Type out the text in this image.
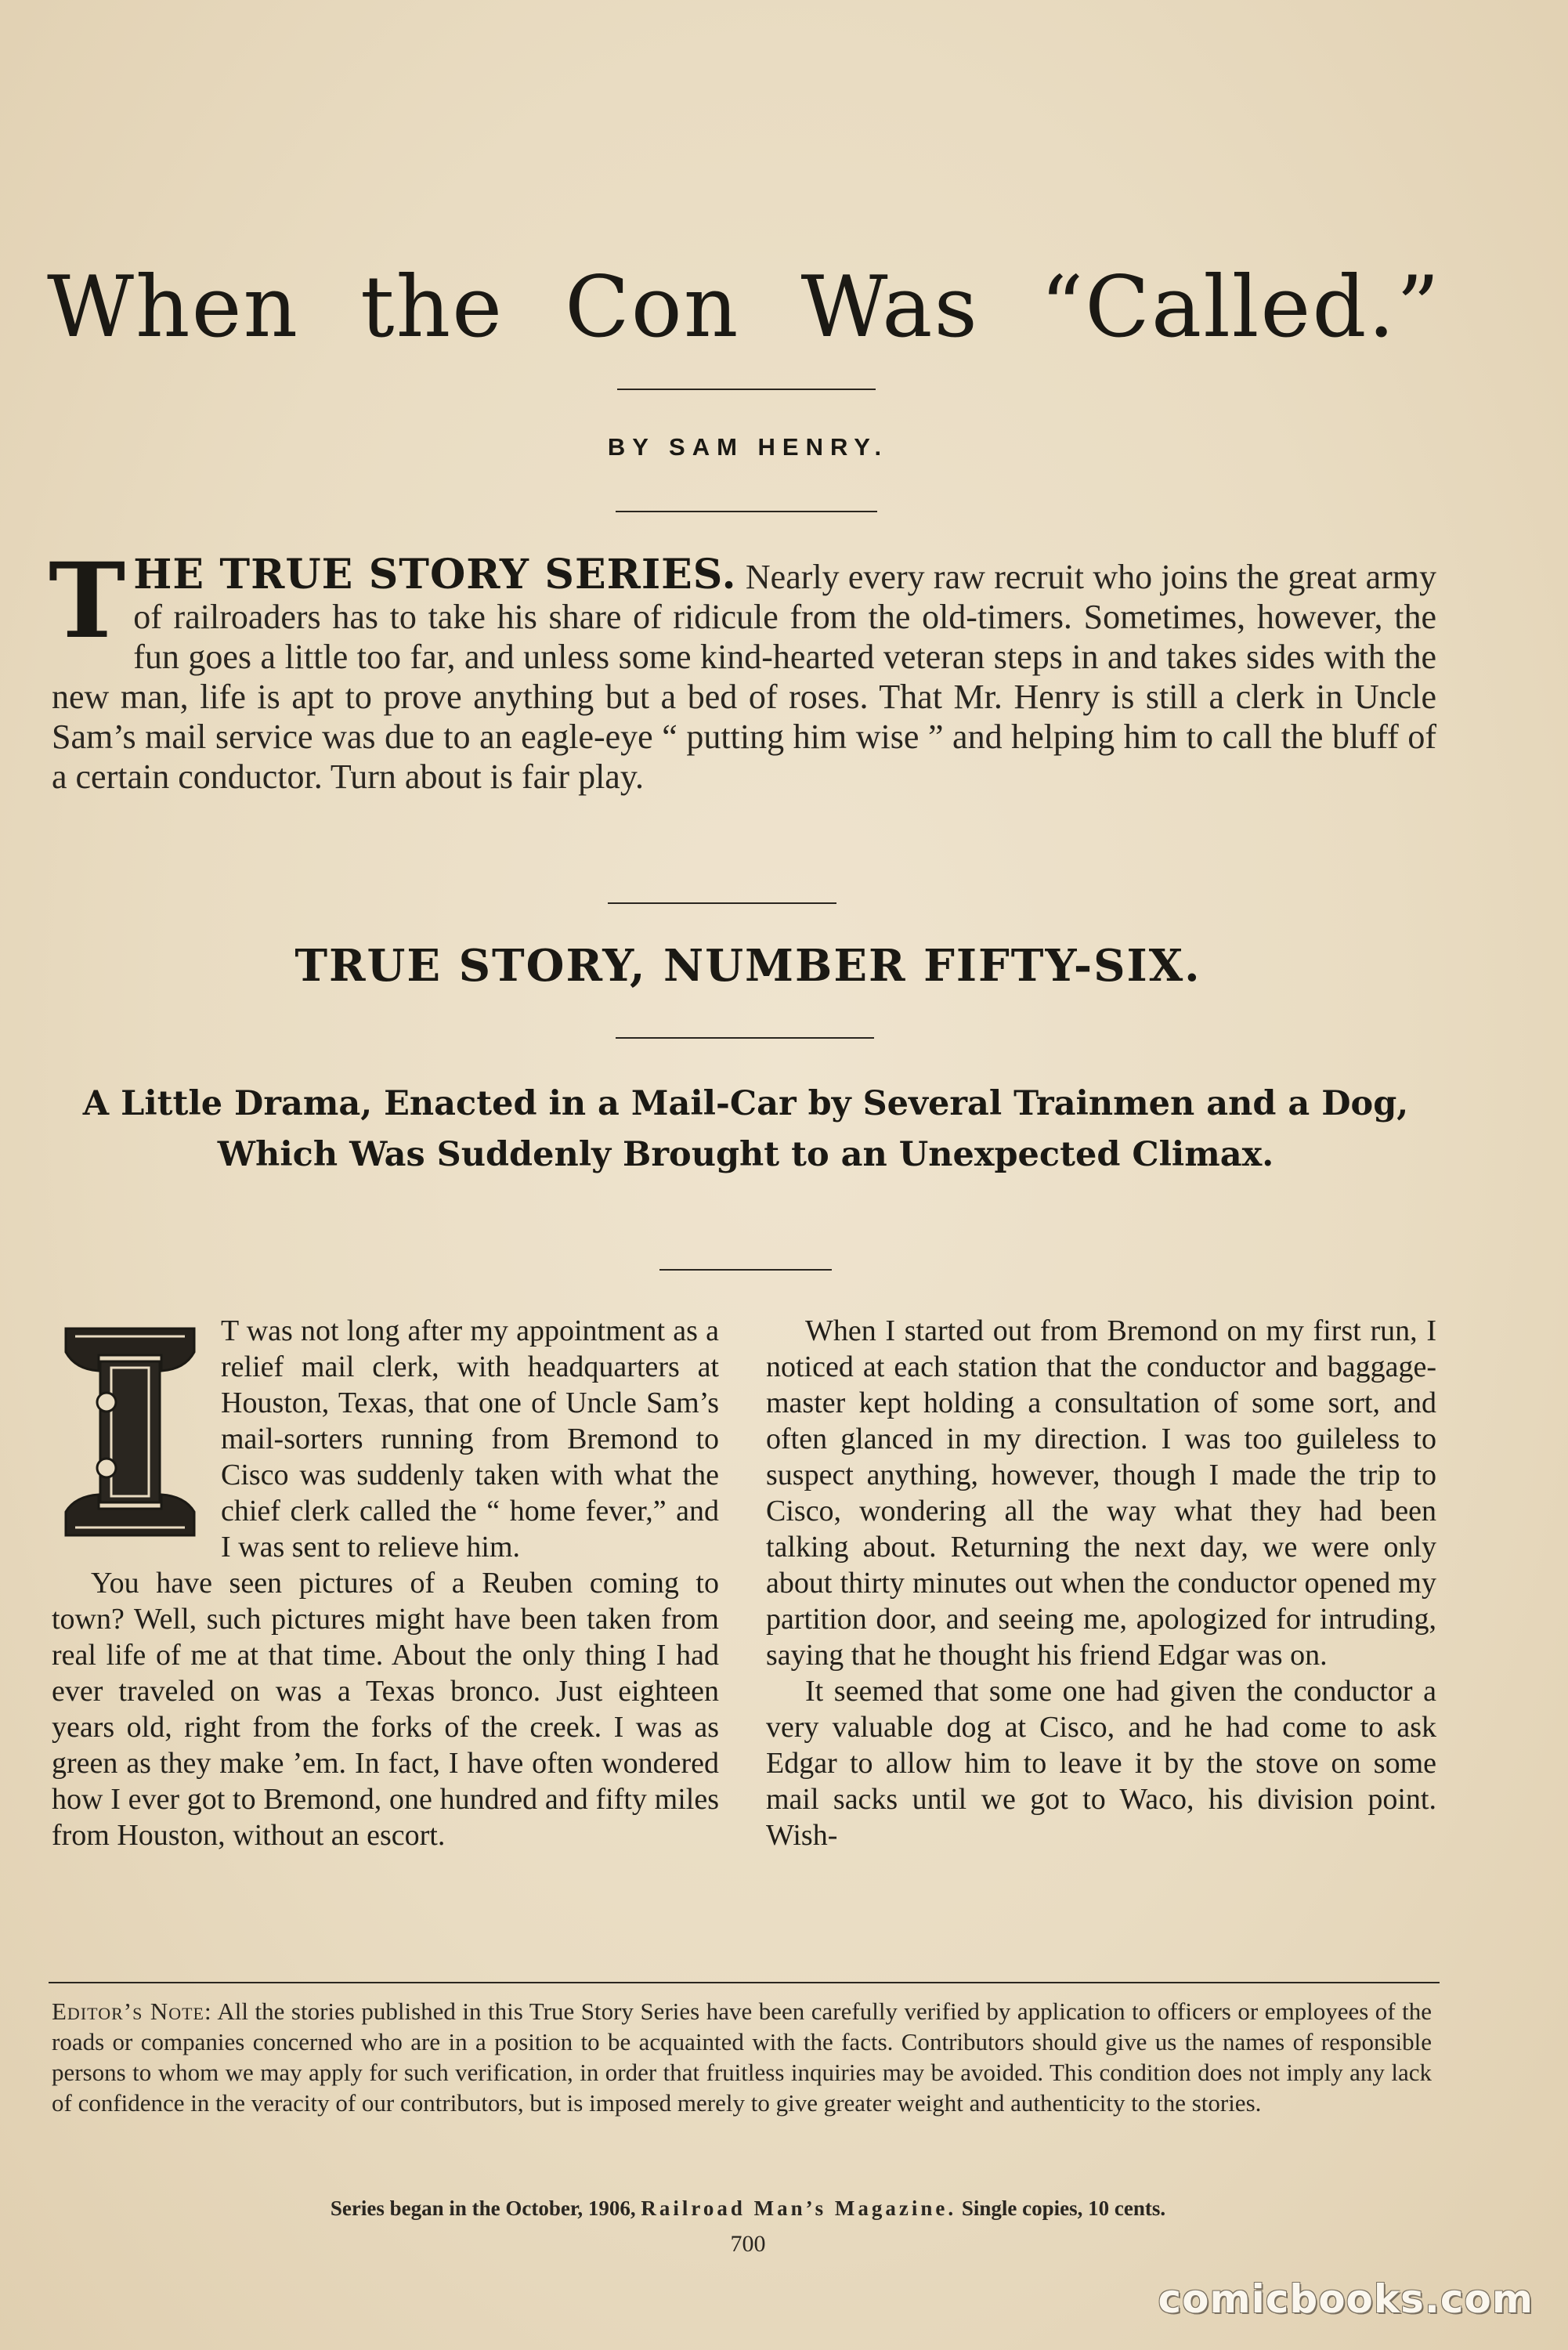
When the Con Was “Called.”
BY SAM HENRY.
T HE TRUE STORY SERIES. Nearly every raw recruit who joins the great army of railroaders has to take his share of ridicule from the old-timers. Sometimes, however, the fun goes a little too far, and unless some kind-hearted veteran steps in and takes sides with the new man, life is apt to prove anything but a bed of roses. That Mr. Henry is still a clerk in Uncle Sam’s mail service was due to an eagle-eye “ putting him wise ” and helping him to call the bluff of a certain conductor. Turn about is fair play.
TRUE STORY, NUMBER FIFTY-SIX.
A Little Drama, Enacted in a Mail-Car by Several Trainmen and a Dog, Which Was Suddenly Brought to an Unexpected Climax.

T was not long after my appointment as a relief mail clerk, with headquarters at Houston, Texas, that one of Uncle Sam’s mail-sorters running from Bremond to Cisco was suddenly taken with what the chief clerk called the “ home fever,” and I was sent to relieve him.

You have seen pictures of a Reuben coming to town? Well, such pictures might have been taken from real life of me at that time. About the only thing I had ever traveled on was a Texas bronco. Just eighteen years old, right from the forks of the creek. I was as green as they make ’em. In fact, I have often wondered how I ever got to Bremond, one hundred and fifty miles from Houston, without an escort.

When I started out from Bremond on my first run, I noticed at each station that the conductor and baggage-master kept holding a consultation of some sort, and often glanced in my direction. I was too guileless to suspect anything, however, though I made the trip to Cisco, wondering all the way what they had been talking about. Returning the next day, we were only about thirty minutes out when the conductor opened my partition door, and seeing me, apologized for intruding, saying that he thought his friend Edgar was on.

It seemed that some one had given the conductor a very valuable dog at Cisco, and he had come to ask Edgar to allow him to leave it by the stove on some mail sacks until we got to Waco, his division point. Wish-

Editor’s Note: All the stories published in this True Story Series have been carefully verified by application to officers or employees of the roads or companies concerned who are in a position to be acquainted with the facts. Contributors should give us the names of responsible persons to whom we may apply for such verification, in order that fruitless inquiries may be avoided. This condition does not imply any lack of confidence in the veracity of our contributors, but is imposed merely to give greater weight and authenticity to the stories.
Series began in the October, 1906, Railroad Man’s Magazine. Single copies, 10 cents.
700
comicbooks.com
